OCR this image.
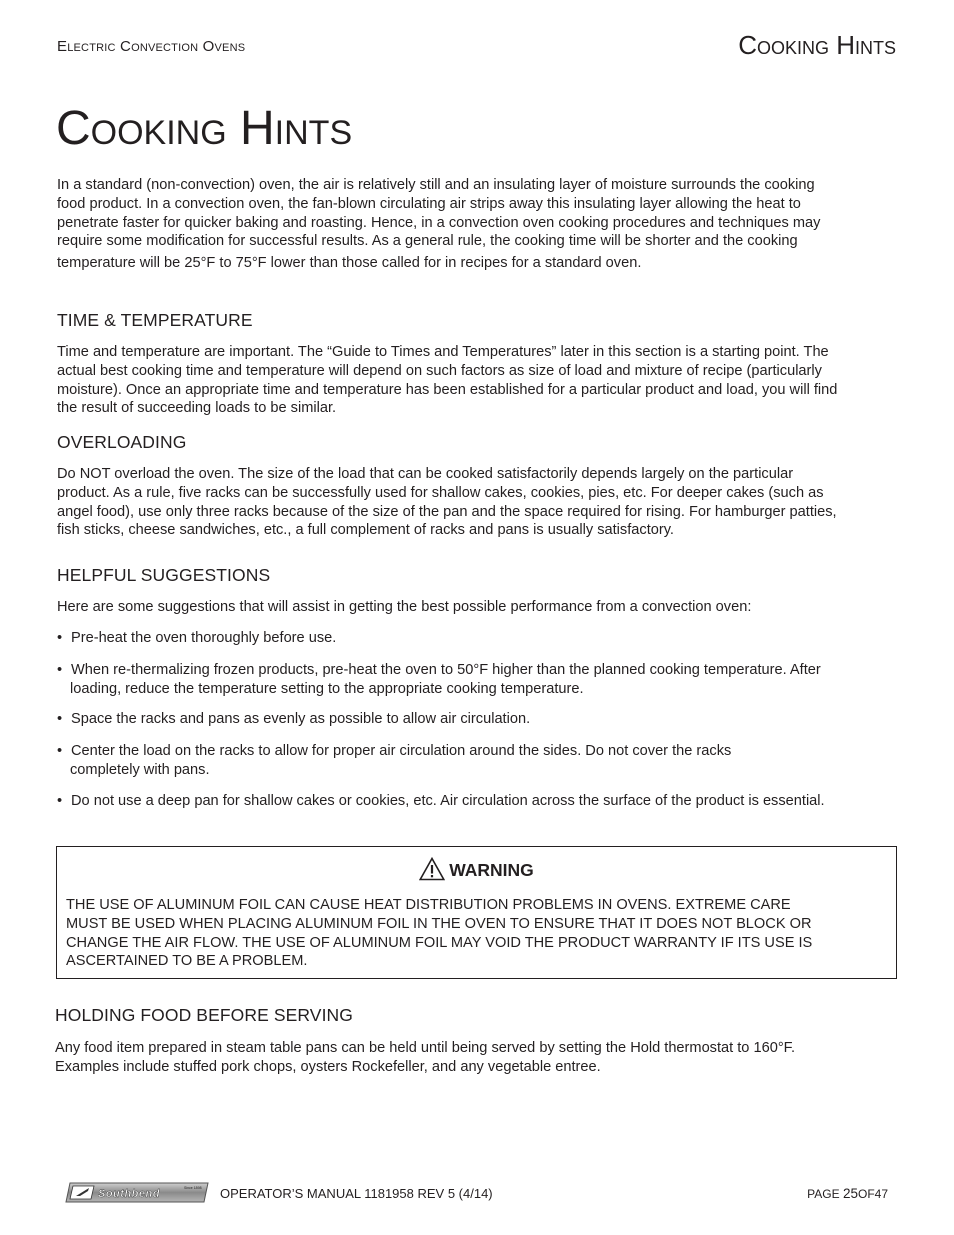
Electric Convection Ovens	Cooking Hints
Cooking Hints
In a standard (non-convection) oven, the air is relatively still and an insulating layer of moisture surrounds the cooking
food product. In a convection oven, the fan-blown circulating air strips away this insulating layer allowing the heat to
penetrate faster for quicker baking and roasting. Hence, in a convection oven cooking procedures and techniques may
require some modification for successful results. As a general rule, the cooking time will be shorter and the cooking
temperature will be 25°F to 75°F lower than those called for in recipes for a standard oven.
TIME & TEMPERATURE
Time and temperature are important. The “Guide to Times and Temperatures” later in this section is a starting point. The
actual best cooking time and temperature will depend on such factors as size of load and mixture of recipe (particularly
moisture). Once an appropriate time and temperature has been established for a particular product and load, you will find
the result of succeeding loads to be similar.
OVERLOADING
Do NOT overload the oven. The size of the load that can be cooked satisfactorily depends largely on the particular
product. As a rule, five racks can be successfully used for shallow cakes, cookies, pies, etc. For deeper cakes (such as
angel food), use only three racks because of the size of the pan and the space required for rising. For hamburger patties,
fish sticks, cheese sandwiches, etc., a full complement of racks and pans is usually satisfactory.
HELPFUL SUGGESTIONS
Here are some suggestions that will assist in getting the best possible performance from a convection oven:
• Pre-heat the oven thoroughly before use.
• When re-thermalizing frozen products, pre-heat the oven to 50°F higher than the planned cooking temperature. After
loading, reduce the temperature setting to the appropriate cooking temperature.
• Space the racks and pans as evenly as possible to allow air circulation.
• Center the load on the racks to allow for proper air circulation around the sides. Do not cover the racks
completely with pans.
• Do not use a deep pan for shallow cakes or cookies, etc. Air circulation across the surface of the product is essential.
WARNING
THE USE OF ALUMINUM FOIL CAN CAUSE HEAT DISTRIBUTION PROBLEMS IN OVENS. EXTREME CARE
MUST BE USED WHEN PLACING ALUMINUM FOIL IN THE OVEN TO ENSURE THAT IT DOES NOT BLOCK OR
CHANGE THE AIR FLOW. THE USE OF ALUMINUM FOIL MAY VOID THE PRODUCT WARRANTY IF ITS USE IS
ASCERTAINED TO BE A PROBLEM.
HOLDING FOOD BEFORE SERVING
Any food item prepared in steam table pans can be held until being served by setting the Hold thermostat to 160°F.
Examples include stuffed pork chops, oysters Rockefeller, and any vegetable entree.
Southbend	Since 1898 OPERATOR’S MANUAL 1181958 REV 5 (4/14)	PAGE 25OF47
